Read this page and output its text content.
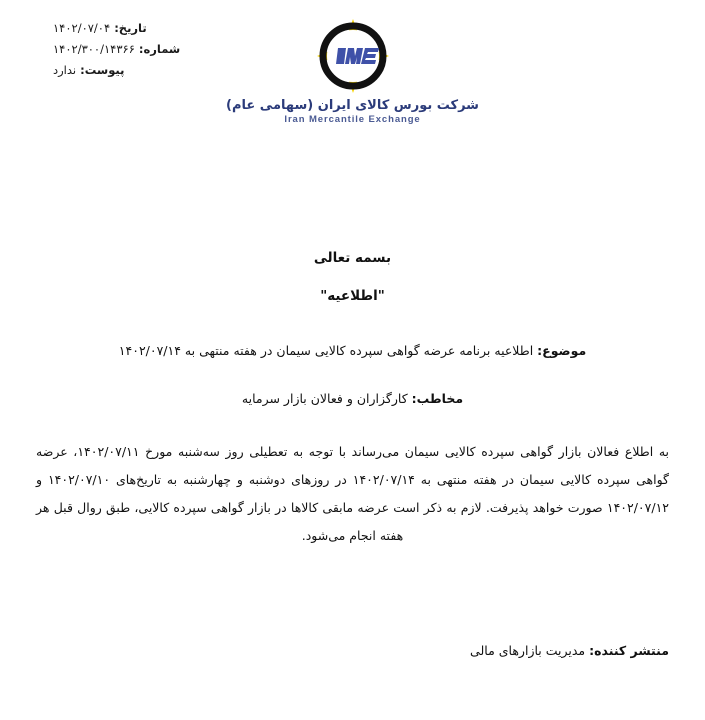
تاریخ: ۱۴۰۲/۰۷/۰۴
شماره: ۱۴۰۲/۳۰۰/۱۴۳۶۶
پیوست: ندارد
شرکت بورس کالای ایران (سهامی عام)
Iran Mercantile Exchange
بسمه تعالی
"اطلاعیه"
موضوع: اطلاعیه برنامه عرضه گواهی سپرده کالایی سیمان در هفته منتهی به ۱۴۰۲/۰۷/۱۴
مخاطب: کارگزاران و فعالان بازار سرمایه
به اطلاع فعالان بازار گواهی سپرده کالایی سیمان می‌رساند با توجه به تعطیلی روز سه‌شنبه مورخ ۱۴۰۲/۰۷/۱۱، عرضه گواهی سپرده کالایی سیمان در هفته منتهی به ۱۴۰۲/۰۷/۱۴ در روزهای دوشنبه و چهارشنبه به تاریخ‌های ۱۴۰۲/۰۷/۱۰ و ۱۴۰۲/۰۷/۱۲ صورت خواهد پذیرفت. لازم به ذکر است عرضه مابقی کالاها در بازار گواهی سپرده کالایی، طبق روال قبل هر هفته انجام می‌شود.
منتشر کننده: مدیریت بازارهای مالی
